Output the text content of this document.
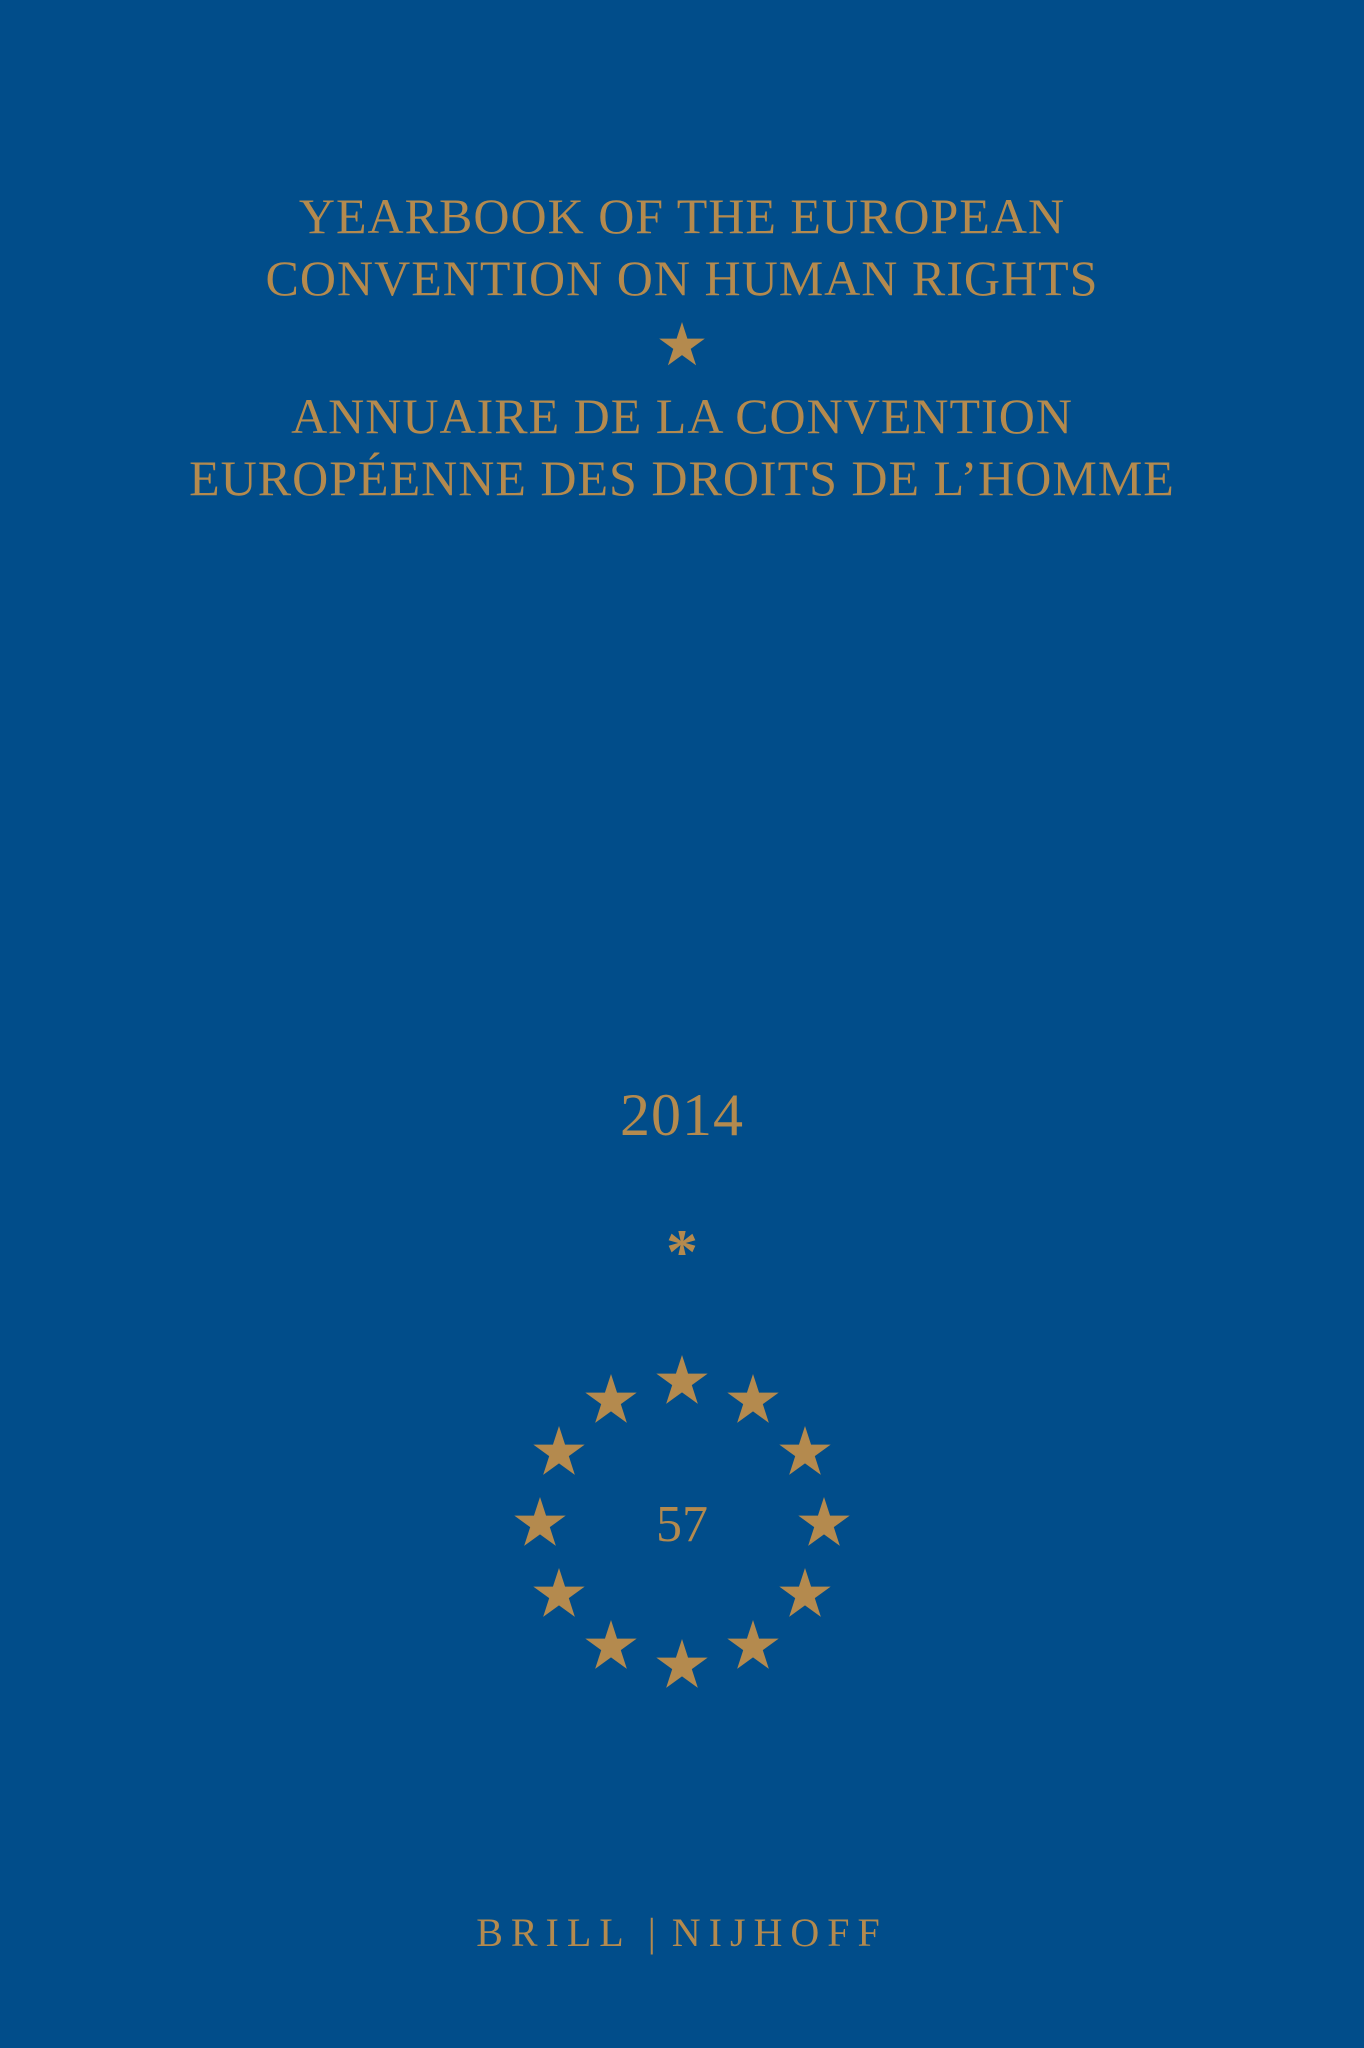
YEARBOOK OF THE EUROPEAN
CONVENTION ON HUMAN RIGHTS
ANNUAIRE DE LA CONVENTION
EUROPÉENNE DES DROITS DE L’HOMME
2014
*
57
BRILL | NIJHOFF
